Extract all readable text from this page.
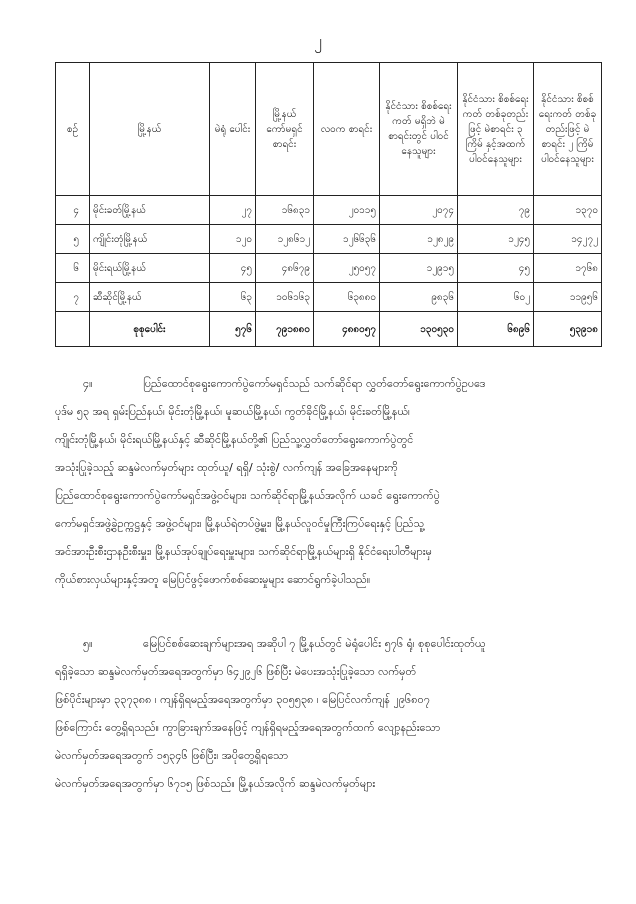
၂
စဉ်	မြို့နယ်	မဲရုံ ပေါင်း	မြို့နယ် ကော်မရှင် စာရင်း	လဝက စာရင်း	နိုင်ငံသား စိစစ်ရေးကတ် မရှိဘဲ မဲစာရင်းတွင် ပါဝင်နေသူများ	နိုင်ငံသား စိစစ်ရေးကတ် တစ်ခုတည်းဖြင့် မဲစာရင်း ၃ ကြိမ် နှင့်အထက် ပါဝင်နေသူများ	နိုင်ငံသား စိစစ်ရေးကတ် တစ်ခုတည်းဖြင့် မဲစာရင်း ၂ ကြိမ် ပါဝင်နေသူများ
၄	မိုင်းခတ်မြို့နယ်	၂၇	၁၆၈၃၁	၂၀၁၁၅	၂၀၇၄	၇၉	၁၃၇၀
၅	ကျိုင်းတုံမြို့နယ်	၁၂၀	၁၂၈၆၁၂	၁၂၆၆၃၆	၁၂၈၂၉	၁၂၄၅	၁၄၂၇၂
၆	မိုင်းရယ်မြို့နယ်	၄၅	၄၈၆၇၉	၂၅၀၅၇	၁၂၉၁၅	၄၅	၁၇၆၈
၇	ဆီဆိုင်မြို့နယ်	၆၃	၁၀၆၁၆၃	၆၃၈၈၀	၉၈၃၆	၆၀၂	၁၁၉၅၆
	စုစုပေါင်း	၅၇၆	၇၉၁၈၈၀	၄၈၈၀၅၇	၁၃၀၅၃၀	၆၈၉၆	၅၃၉၁၈
၄။	ပြည်ထောင်စုရွေးကောက်ပွဲကော်မရှင်သည် သက်ဆိုင်ရာ လွှတ်တော်ရွေးကောက်ပွဲဥပဒေ
ပုဒ်မ ၅၃ အရ ရှမ်းပြည်နယ်၊ မိုင်းတုံမြို့နယ်၊ မူဆယ်မြို့နယ်၊ ကွတ်ခိုင်မြို့နယ်၊ မိုင်းခတ်မြို့နယ်၊
ကျိုင်းတုံမြို့နယ်၊ မိုင်းရယ်မြို့နယ်နှင့် ဆီဆိုင်မြို့နယ်တို့၏ ပြည်သူ့လွှတ်တော်ရွေးကောက်ပွဲတွင်
အသုံးပြုခဲ့သည့် ဆန္ဒမဲလက်မှတ်များ ထုတ်ယူ/ ရရှိ/ သုံးစွဲ/ လက်ကျန် အခြေအနေများကို
ပြည်ထောင်စုရွေးကောက်ပွဲကော်မရှင်အဖွဲ့ဝင်များ၊ သက်ဆိုင်ရာမြို့နယ်အလိုက် ယခင် ရွေးကောက်ပွဲ
ကော်မရှင်အဖွဲ့ခွဲဥက္ကဋ္ဌနှင့် အဖွဲ့ဝင်များ၊ မြို့နယ်ရဲတပ်ဖွဲ့မှူး၊ မြို့နယ်လူဝင်မှုကြီးကြပ်ရေးနှင့် ပြည်သူ့
အင်အားဦးစီးဌာနဦးစီးမှူး၊ မြို့နယ်အုပ်ချုပ်ရေးမှူးများ၊ သက်ဆိုင်ရာမြို့နယ်များရှိ နိုင်ငံရေးပါတီများမှ
ကိုယ်စားလှယ်များနှင့်အတူ မြေပြင်ဖွင့်ဖောက်စစ်ဆေးမှုများ ဆောင်ရွက်ခဲ့ပါသည်။
၅။	မြေပြင်စစ်ဆေးချက်များအရ အဆိုပါ ၇ မြို့နယ်တွင် မဲရုံပေါင်း ၅၇၆ ရုံ၊ စုစုပေါင်းထုတ်ယူ
ရရှိခဲ့သော ဆန္ဒမဲလက်မှတ်အရေအတွက်မှာ ၆၄၂၉၂၆ ဖြစ်ပြီး မဲပေးအသုံးပြုခဲ့သော လက်မှတ်
ဖြစ်ပိုင်းများမှာ ၃၃၇၃၈၈ ၊ ကျန်ရှိရမည့်အရေအတွက်မှာ ၃၀၅၅၃၈ ၊ မြေပြင်လက်ကျန် ၂၉၆၈၀၇
ဖြစ်ကြောင်း တွေ့ရှိရသည်။ ကွာခြားချက်အနေဖြင့် ကျန်ရှိရမည့်အရေအတွက်ထက် လျော့နည်းသော
မဲလက်မှတ်အရေအတွက် ၁၅၃၄၆ ဖြစ်ပြီး၊ အပိုတွေ့ရှိရသော
မဲလက်မှတ်အရေအတွက်မှာ ၆၇၁၅ ဖြစ်သည်။ မြို့နယ်အလိုက် ဆန္ဒမဲလက်မှတ်များ
